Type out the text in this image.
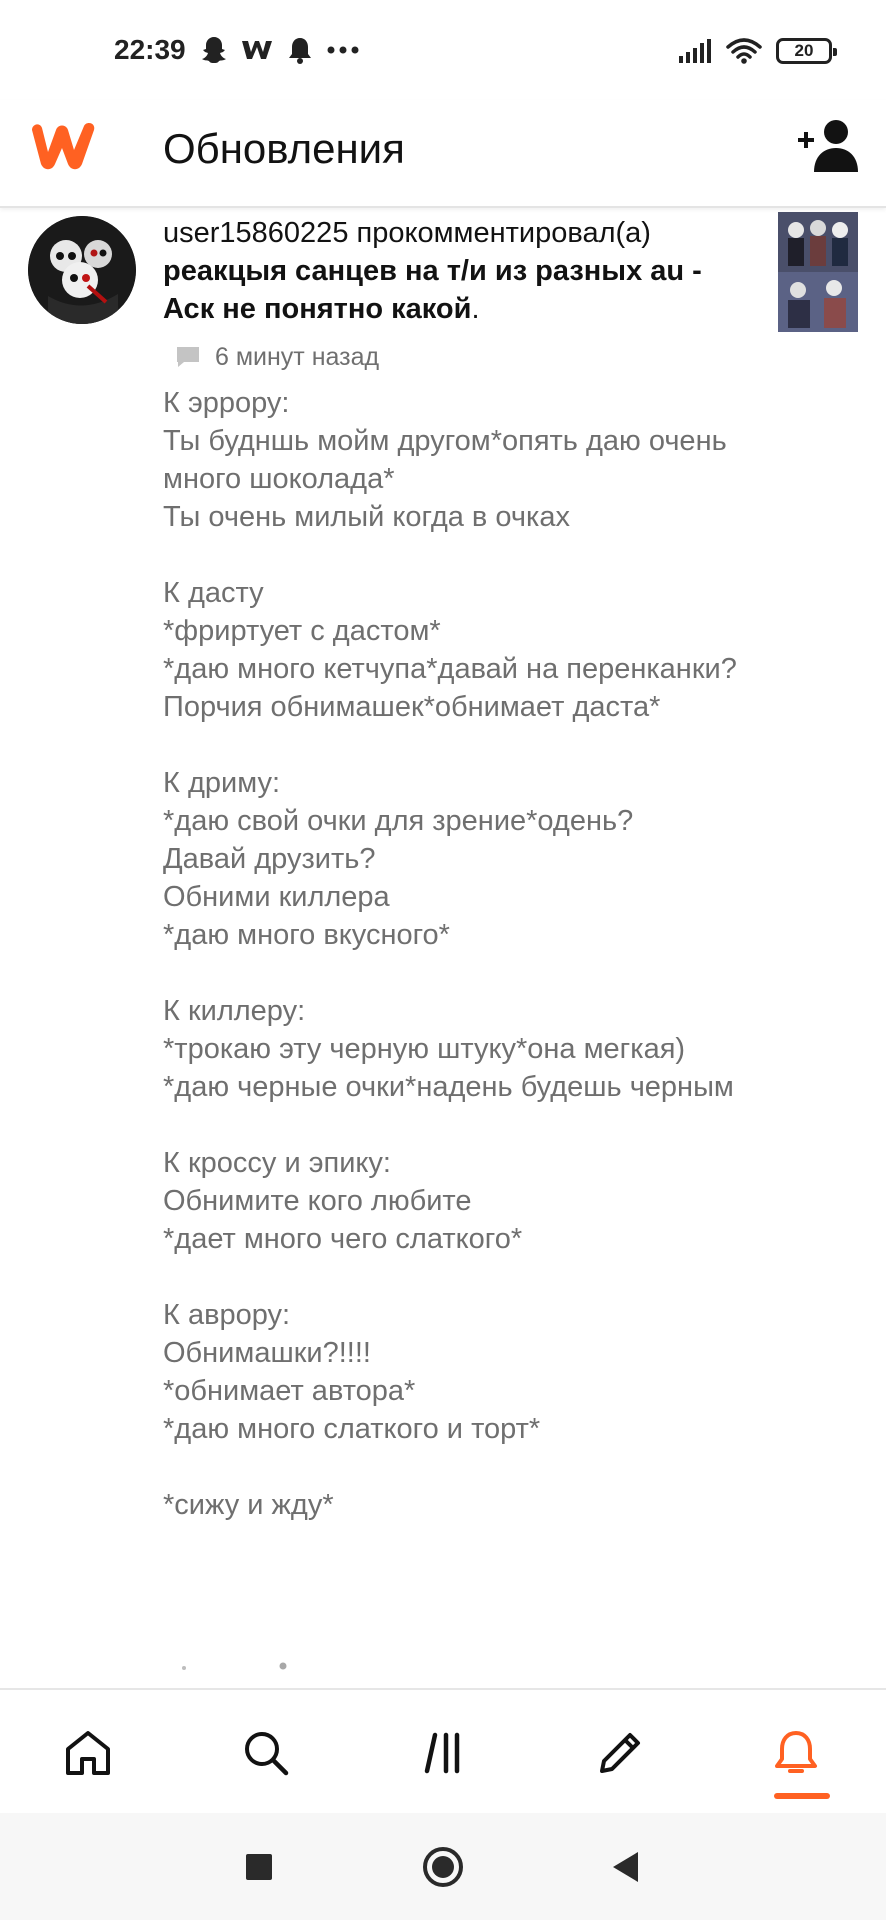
22:39	20
Обновления
user15860225 прокомментировал(а) реакцыя санцев на т/и из разных au - Аск не понятно какой.
6 минут назад
К эррору:
Ты будншь мойм другом*опять даю очень много шоколада*
Ты очень милый когда в очках

К дасту
*фриртует с дастом*
*даю много кетчупа*давай на перенканки?
Порчия обнимашек*обнимает даста*

К дриму:
*даю свой очки для зрение*одень?
Давай друзить?
Обними киллера
*даю много вкусного*

К киллеру:
*трокаю эту черную штуку*она мегкая)
*даю черные очки*надень будешь черным

К кроссу и эпику:
Обнимите кого любите
*дает много чего слаткого*

К аврору:
Обнимашки?!!!!
*обнимает автора*
*даю много слаткого и торт*

*сижу и жду*
